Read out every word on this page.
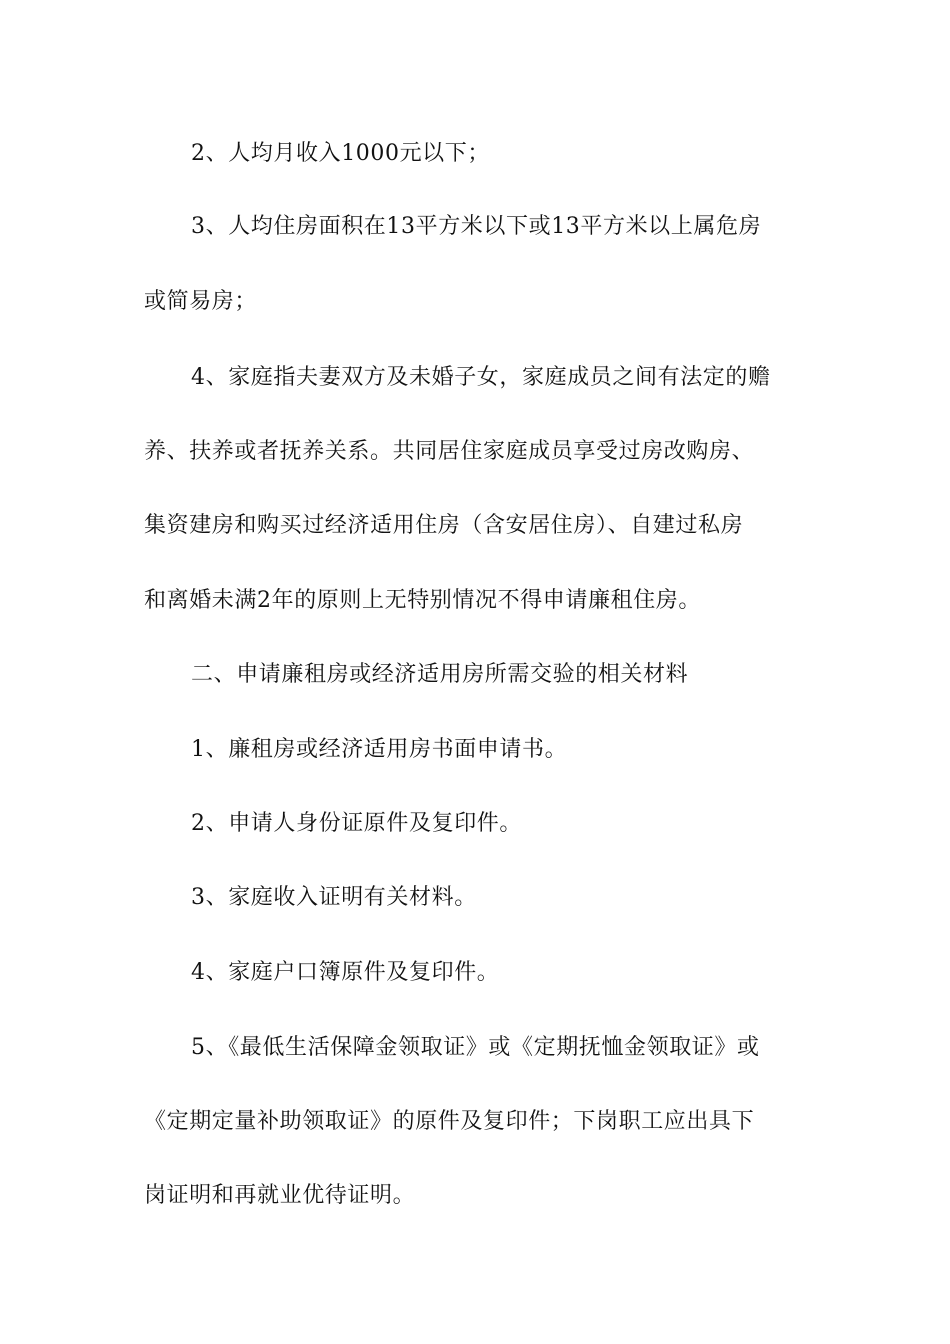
2、人均月收入1000元以下；
3、人均住房面积在13平方米以下或13平方米以上属危房
或简易房；
4、家庭指夫妻双方及未婚子女，家庭成员之间有法定的赡
养、扶养或者抚养关系。共同居住家庭成员享受过房改购房、
集资建房和购买过经济适用住房（含安居住房）、自建过私房
和离婚未满2年的原则上无特别情况不得申请廉租住房。
二、申请廉租房或经济适用房所需交验的相关材料
1、廉租房或经济适用房书面申请书。
2、申请人身份证原件及复印件。
3、家庭收入证明有关材料。
4、家庭户口簿原件及复印件。
5、《最低生活保障金领取证》或《定期抚恤金领取证》或
《定期定量补助领取证》的原件及复印件；下岗职工应出具下
岗证明和再就业优待证明。
